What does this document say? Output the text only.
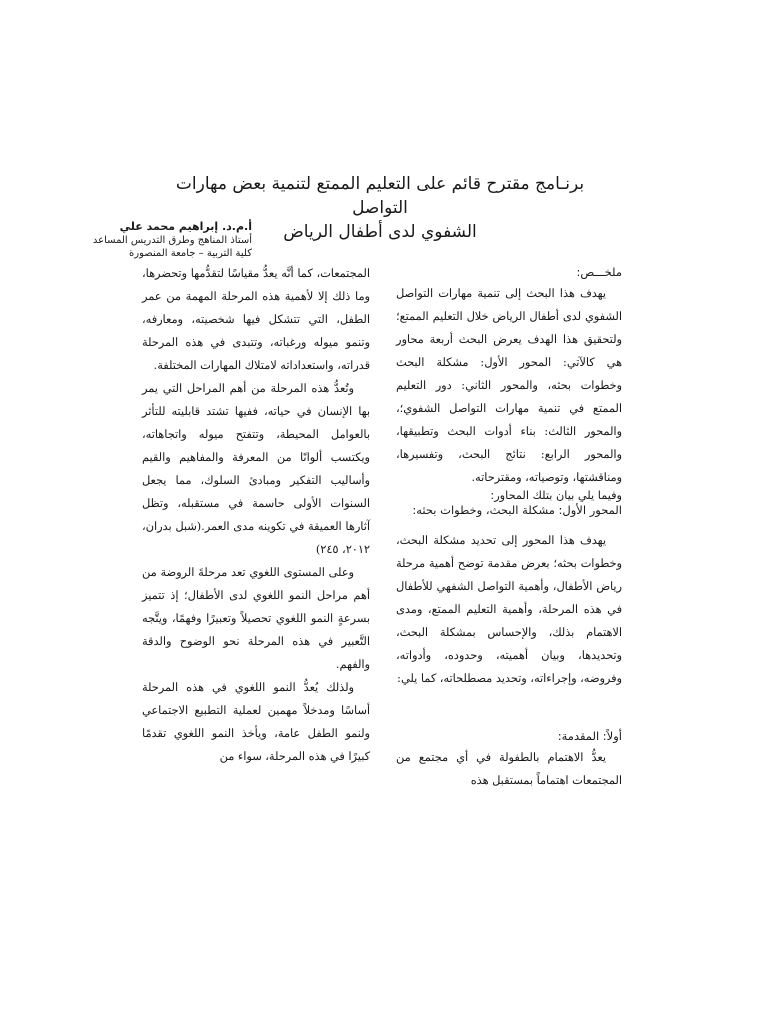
برنـامج مقترح قائم على التعليم الممتع لتنمية بعض مهارات التواصل

الشفوي لدى أطفال الرياض

أ.م.د. إبراهيم محمد علي
أستاذ المناهج وطرق التدريس المساعد
كلية التربية – جامعة المنصورة

ملخـــص:

يهدف هذا البحث إلى تنمية مهارات التواصل الشفوي لدى أطفال الرياض خلال التعليم الممتع؛ ولتحقيق هذا الهدف يعرض البحث أربعة محاور هي كالآتي: المحور الأول: مشكلة البحث وخطوات بحثه، والمحور الثاني: دور التعليم الممتع في تنمية مهارات التواصل الشفوي؛، والمحور الثالث: بناء أدوات البحث وتطبيقها، والمحور الرابع: نتائج البحث، وتفسيرها، ومناقشتها، وتوصياته، ومقترحاته.

وفيما يلي بيان بتلك المحاور:

المحور الأول: مشكلة البحث، وخطوات بحثه:

يهدف هذا المحور إلى تحديد مشكلة البحث، وخطوات بحثه؛ بعرض مقدمة توضح أهمية مرحلة رياض الأطفال، وأهمية التواصل الشفهي للأطفال في هذه المرحلة، وأهمية التعليم الممتع، ومدى الاهتمام بذلك، والإحساس بمشكلة البحث، وتحديدها، وبيان أهميته، وحدوده، وأدواته، وفروضه، وإجراءاته، وتحديد مصطلحاته، كما يلي:

أولاً: المقدمة:

يعدُّ الاهتمام بالطفولة في أي مجتمع من المجتمعات اهتماماً بمستقبل هذه

المجتمعات، كما أنَّه يعدُّ مقياسًا لتقدُّمها وتحضرها، وما ذلك إلا لأهمية هذه المرحلة المهمة من عمر الطفل، التي تتشكل فيها شخصيته، ومعارفه، وتنمو ميوله ورغباته، وتتبدى في هذه المرحلة قدراته، واستعداداته لامتلاك المهارات المختلفة.

وتُعدُّ هذه المرحلة من أهم المراحل التي يمر بها الإنسان في حياته، ففيها تشتد قابليته للتأثر بالعوامل المحيطة، وتتفتح ميوله واتجاهاته، ويكتسب ألوانًا من المعرفة والمفاهيم والقيم وأساليب التفكير ومبادئ السلوك، مما يجعل السنوات الأولى حاسمة في مستقبله، وتظل آثارها العميقة في تكوينه مدى العمر.(شبل بدران، ٢٠١٢، ٢٤٥)

وعلى المستوى اللغوي تعد مرحلةَ الروضة من أهم مراحل النمو اللغوي لدى الأطفال؛ إذ تتميز بسرعةٍ النمو اللغوي تحصيلاً وتعبيرًا وفهمًا، ويتَّجه التَّعبير في هذه المرحلة نحو الوضوح والدقة والفهم.

ولذلك يُعدُّ النمو اللغوي في هذه المرحلة أساسًا ومدخلاً مهمين لعملية التطبيع الاجتماعي ولنمو الطفل عامة، ويأخذ النمو اللغوي تقدمًا كبيرًا في هذه المرحلة، سواء من
